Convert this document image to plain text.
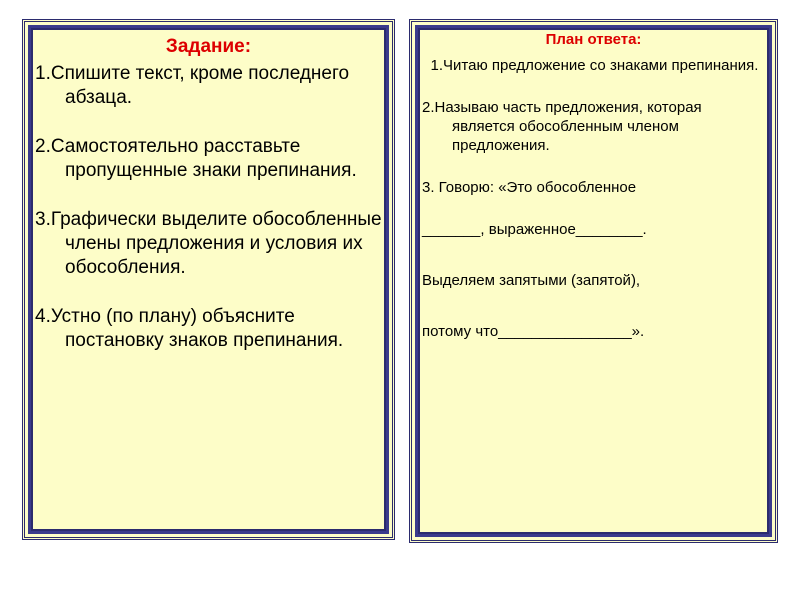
Задание:
1.Спишите текст, кроме последнего абзаца.
2.Самостоятельно расставьте пропущенные знаки препинания.
3.Графически выделите обособленные члены предложения и условия их обособления.
4.Устно (по плану) объясните постановку знаков препинания.
План ответа:
1.Читаю предложение со знаками препинания.
2.Называю часть предложения, которая является обособленным членом предложения.
3. Говорю: «Это обособленное
_______, выраженное________.
Выделяем запятыми (запятой),
потому что________________».
